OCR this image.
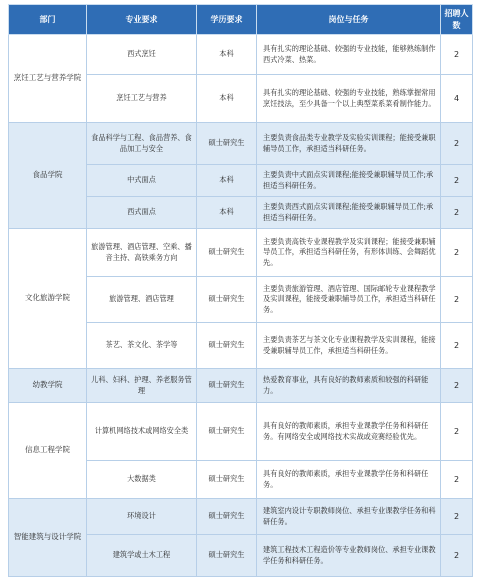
部门	专业要求	学历要求	岗位与任务	招聘人数
烹饪工艺与营养学院	西式烹饪	本科	具有扎实的理论基础、较强的专业技能，能够熟练制作西式冷菜、热菜。	2
	烹饪工艺与营养	本科	具有扎实的理论基础、较强的专业技能，熟练掌握常用烹饪技法，至少具备一个以上典型菜系菜肴制作能力。	4
食品学院	食品科学与工程、食品营养、食品加工与安全	硕士研究生	主要负责食品类专业教学及实验实训课程；能接受兼职辅导员工作，承担适当科研任务。	2
	中式面点	本科	主要负责中式面点实训课程;能接受兼职辅导员工作;承担适当科研任务。	2
	西式面点	本科	主要负责西式面点实训课程;能接受兼职辅导员工作;承担适当科研任务。	2
文化旅游学院	旅游管理、酒店管理、空乘、播音主持、高铁乘务方向	硕士研究生	主要负责高铁专业课程教学及实训课程；能接受兼职辅导员工作，承担适当科研任务，有形体训练、会舞蹈优先。	2
	旅游管理、酒店管理	硕士研究生	主要负责旅游管理、酒店管理、国际邮轮专业课程教学及实训课程，能接受兼职辅导员工作，承担适当科研任务。	2
	茶艺、茶文化、茶学等	硕士研究生	主要负责茶艺与茶文化专业课程教学及实训课程，能接受兼职辅导员工作，承担适当科研任务。	2
幼教学院	儿科、妇科、护理、养老服务管理	硕士研究生	热爱教育事业，具有良好的教师素质和较强的科研能力。	2
信息工程学院	计算机网络技术或网络安全类	硕士研究生	具有良好的教师素质，承担专业课教学任务和科研任务。有网络安全或网络技术实战或竞赛经验优先。	2
	大数据类	硕士研究生	具有良好的教师素质，承担专业课教学任务和科研任务。	2
智能建筑与设计学院	环境设计	硕士研究生	建筑室内设计专职教师岗位、承担专业课教学任务和科研任务。	2
	建筑学或土木工程	硕士研究生	建筑工程技术工程造价等专业教师岗位、承担专业课教学任务和科研任务。	2
